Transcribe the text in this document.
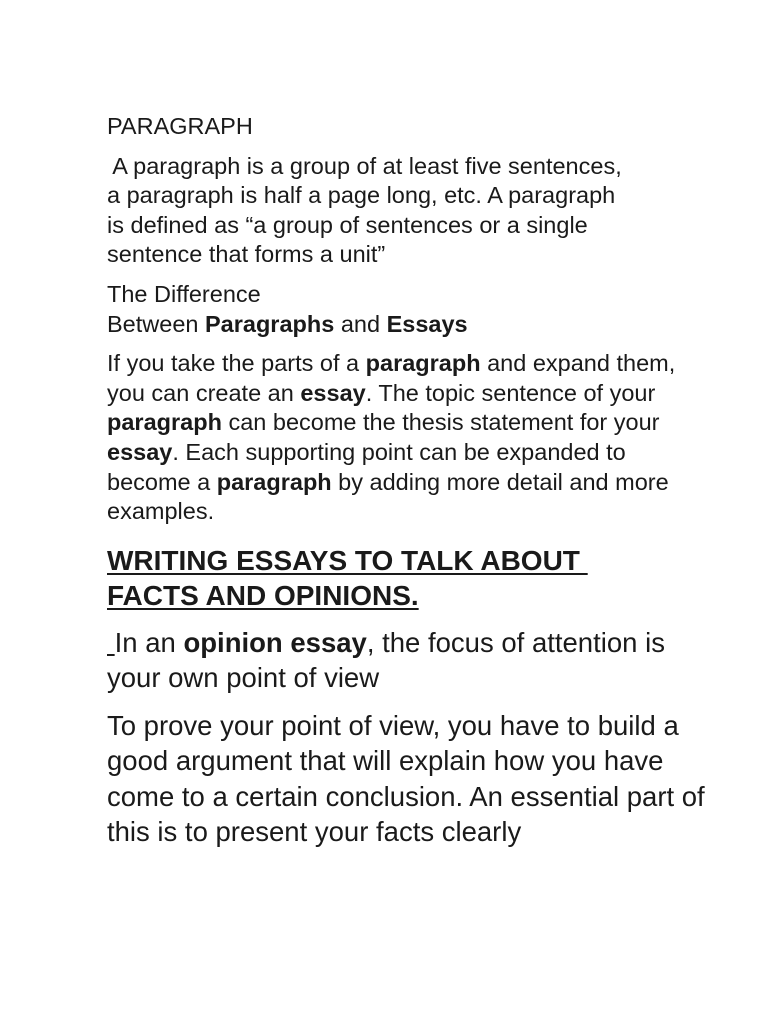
PARAGRAPH

A paragraph is a group of at least five sentences,
a paragraph is half a page long, etc. A paragraph
is defined as “a group of sentences or a single
sentence that forms a unit”

The Difference
Between Paragraphs and Essays

If you take the parts of a paragraph and expand them, you can create an essay. The topic sentence of your paragraph can become the thesis statement for your essay. Each supporting point can be expanded to become a paragraph by adding more detail and more examples.

WRITING ESSAYS TO TALK ABOUT
FACTS AND OPINIONS.

In an opinion essay, the focus of attention is your own point of view

To prove your point of view, you have to build a good argument that will explain how you have come to a certain conclusion. An essential part of this is to present your facts clearly
